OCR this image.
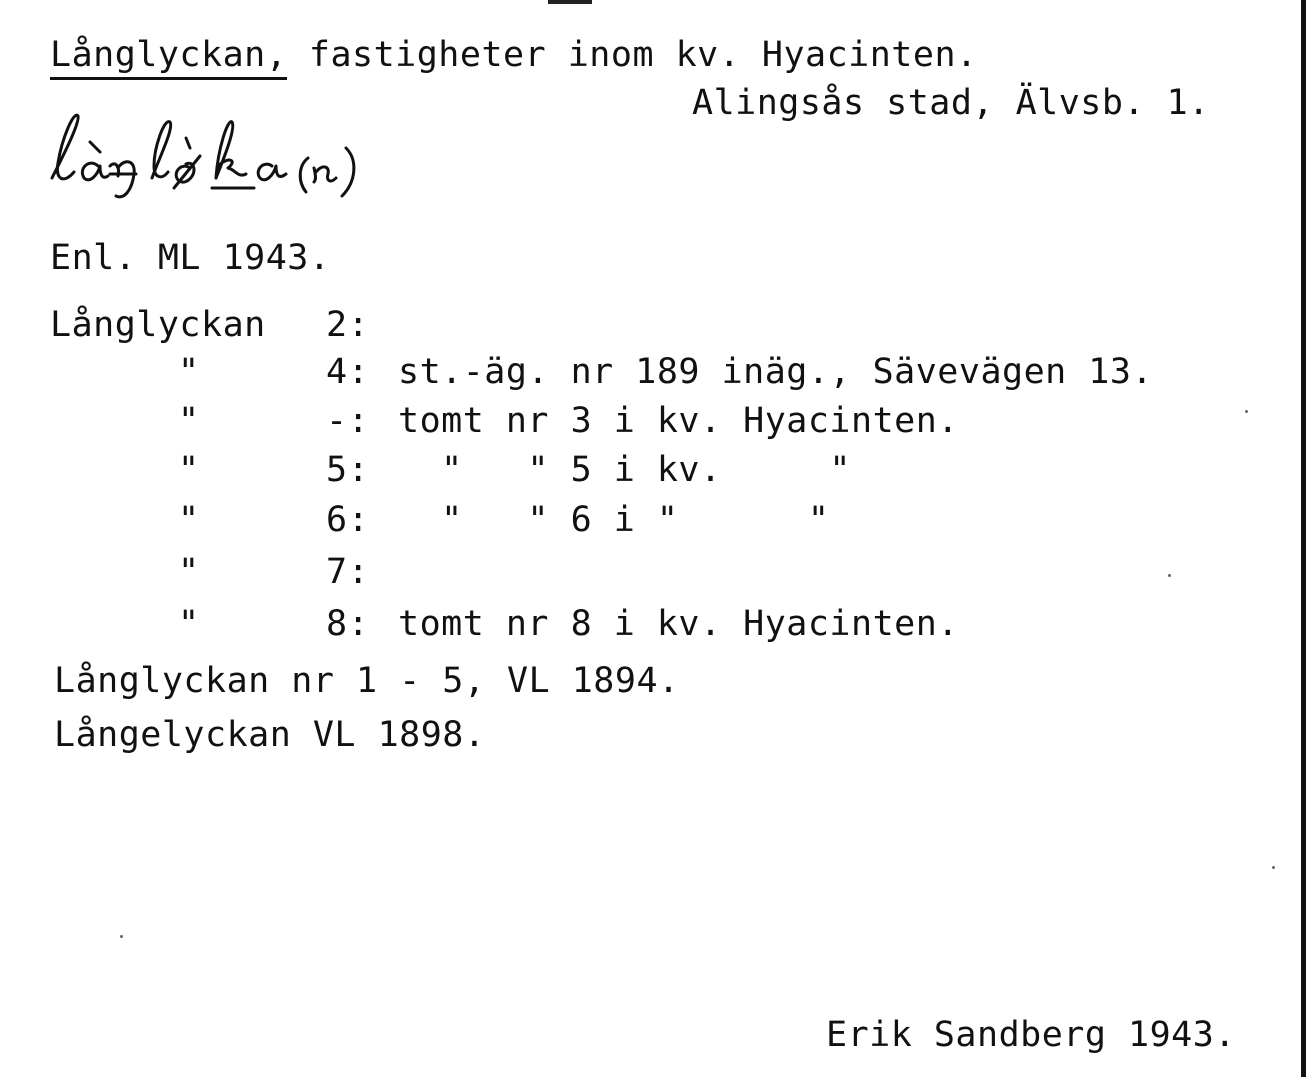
Långlyckan, fastigheter inom kv. Hyacinten.
Alingsås stad, Älvsb. 1.
Enl. ML 1943.
Långlyckan 2:
"	4: st.-äg. nr 189 inäg., Sävevägen 13.
"	-: tomt nr 3 i kv. Hyacinten.
"	5: "   " 5 i kv.     "
"	6: "   " 6 i "      "
"	7:
"	8: tomt nr 8 i kv. Hyacinten.
Långlyckan nr 1 - 5, VL 1894.
Långelyckan VL 1898.
Erik Sandberg 1943.
